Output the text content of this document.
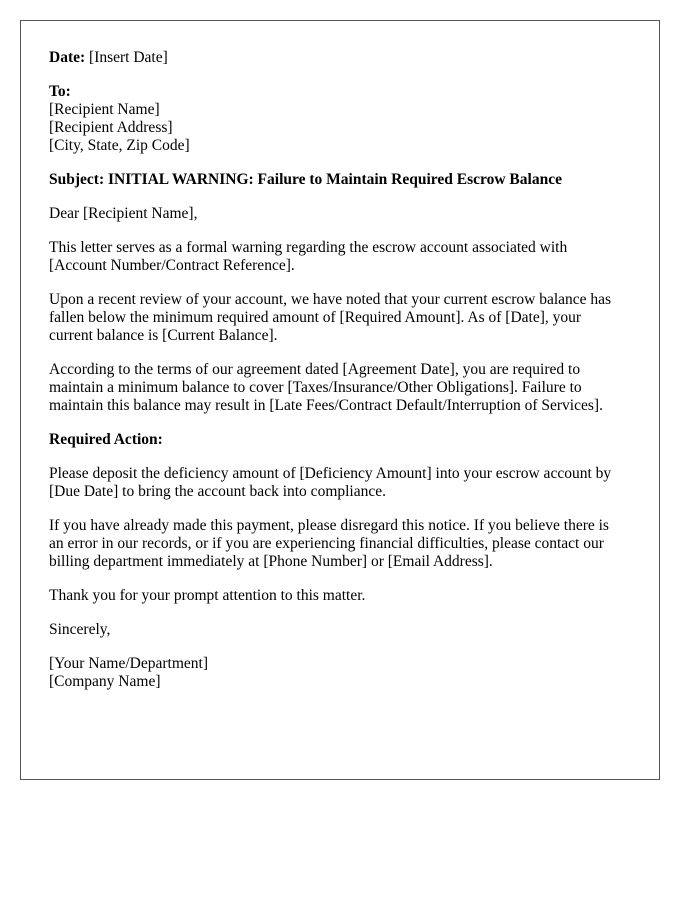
Date: [Insert Date]
To:
[Recipient Name]
[Recipient Address]
[City, State, Zip Code]
Subject: INITIAL WARNING: Failure to Maintain Required Escrow Balance

Dear [Recipient Name],

This letter serves as a formal warning regarding the escrow account associated with
[Account Number/Contract Reference].

Upon a recent review of your account, we have noted that your current escrow balance has
fallen below the minimum required amount of [Required Amount]. As of [Date], your
current balance is [Current Balance].

According to the terms of our agreement dated [Agreement Date], you are required to
maintain a minimum balance to cover [Taxes/Insurance/Other Obligations]. Failure to
maintain this balance may result in [Late Fees/Contract Default/Interruption of Services].

Required Action:

Please deposit the deficiency amount of [Deficiency Amount] into your escrow account by
[Due Date] to bring the account back into compliance.

If you have already made this payment, please disregard this notice. If you believe there is
an error in our records, or if you are experiencing financial difficulties, please contact our
billing department immediately at [Phone Number] or [Email Address].

Thank you for your prompt attention to this matter.

Sincerely,

[Your Name/Department]
[Company Name]
